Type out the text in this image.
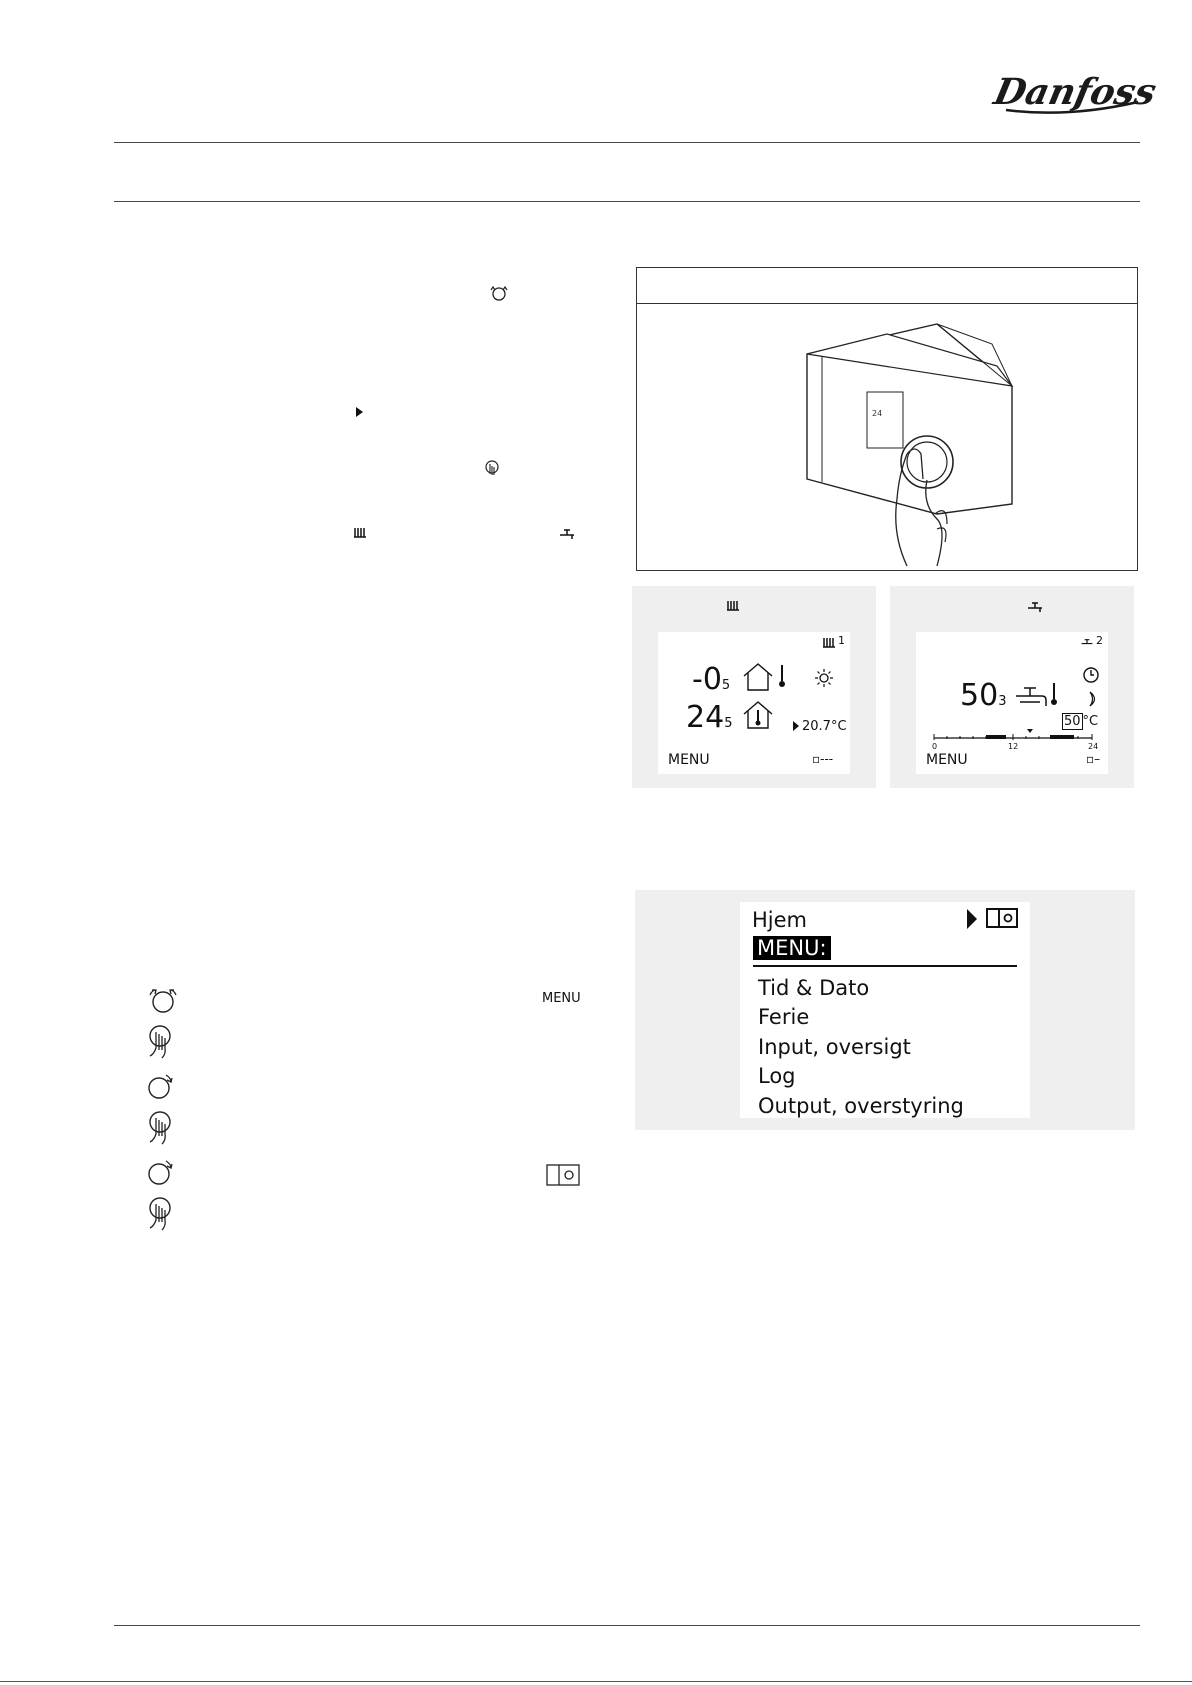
Danfoss
24
1
-05
245	20.7°C
MENU	▫---
2
503
50 °C
0	12	24
MENU	▫–
MENU
Hjem
MENU:
Tid & Dato
Ferie
Input, oversigt
Log
Output, overstyring
